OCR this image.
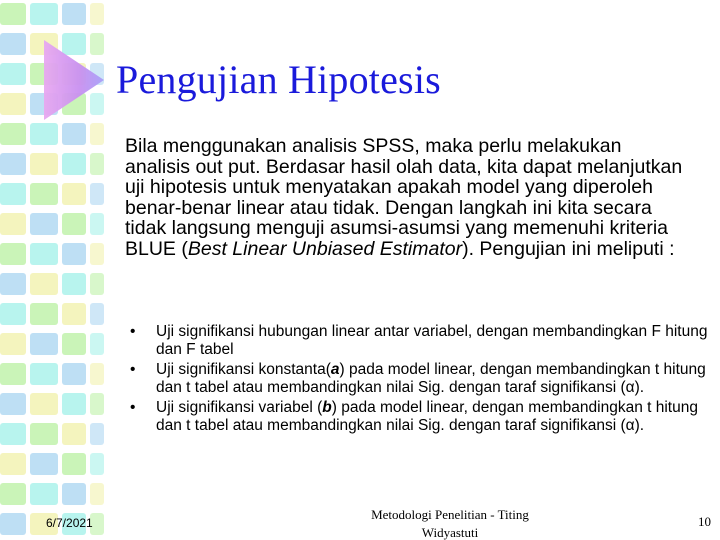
Pengujian Hipotesis

Bila menggunakan analisis SPSS, maka perlu melakukan analisis out put. Berdasar hasil olah data, kita dapat melanjutkan uji hipotesis untuk menyatakan apakah model yang diperoleh benar-benar linear atau tidak. Dengan langkah ini kita secara tidak langsung menguji asumsi-asumsi yang memenuhi kriteria BLUE (Best Linear Unbiased Estimator). Pengujian ini meliputi :

•	Uji signifikansi hubungan linear antar variabel, dengan membandingkan F hitung dan F tabel
•	Uji signifikansi konstanta(a) pada model linear, dengan membandingkan t hitung dan t tabel atau membandingkan nilai Sig. dengan taraf signifikansi (α).
•	Uji signifikansi variabel (b) pada model linear, dengan membandingkan t hitung dan t tabel atau membandingkan nilai Sig. dengan taraf signifikansi (α).
6/7/2021
Metodologi Penelitian - Titing
Widyastuti
10
